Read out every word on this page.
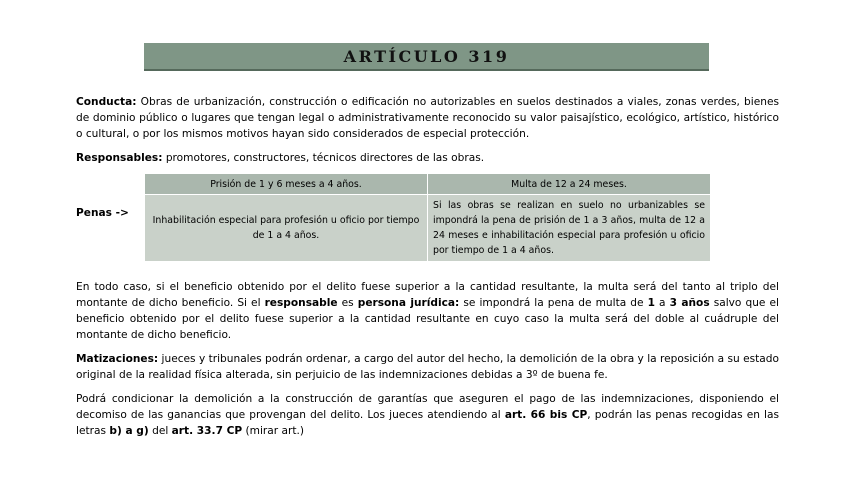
ARTÍCULO 319

Conducta: Obras de urbanización, construcción o edificación no autorizables en suelos destinados a viales, zonas verdes, bienes de dominio público o lugares que tengan legal o administrativamente reconocido su valor paisajístico, ecológico, artístico, histórico o cultural, o por los mismos motivos hayan sido considerados de especial protección.

Responsables: promotores, constructores, técnicos directores de las obras.

Penas ->
Prisión de 1 y 6 meses a 4 años.	Multa de 12 a 24 meses.
Inhabilitación especial para profesión u oficio por tiempo de 1 a 4 años.	Si las obras se realizan en suelo no urbanizables se impondrá la pena de prisión de 1 a 3 años, multa de 12 a 24 meses e inhabilitación especial para profesión u oficio por tiempo de 1 a 4 años.

En todo caso, si el beneficio obtenido por el delito fuese superior a la cantidad resultante, la multa será del tanto al triplo del montante de dicho beneficio. Si el responsable es persona jurídica: se impondrá la pena de multa de 1 a 3 años salvo que el beneficio obtenido por el delito fuese superior a la cantidad resultante en cuyo caso la multa será del doble al cuádruple del montante de dicho beneficio.

Matizaciones: jueces y tribunales podrán ordenar, a cargo del autor del hecho, la demolición de la obra y la reposición a su estado original de la realidad física alterada, sin perjuicio de las indemnizaciones debidas a 3º de buena fe.

Podrá condicionar la demolición a la construcción de garantías que aseguren el pago de las indemnizaciones, disponiendo el decomiso de las ganancias que provengan del delito. Los jueces atendiendo al art. 66 bis CP, podrán las penas recogidas en las letras b) a g) del art. 33.7 CP (mirar art.)
